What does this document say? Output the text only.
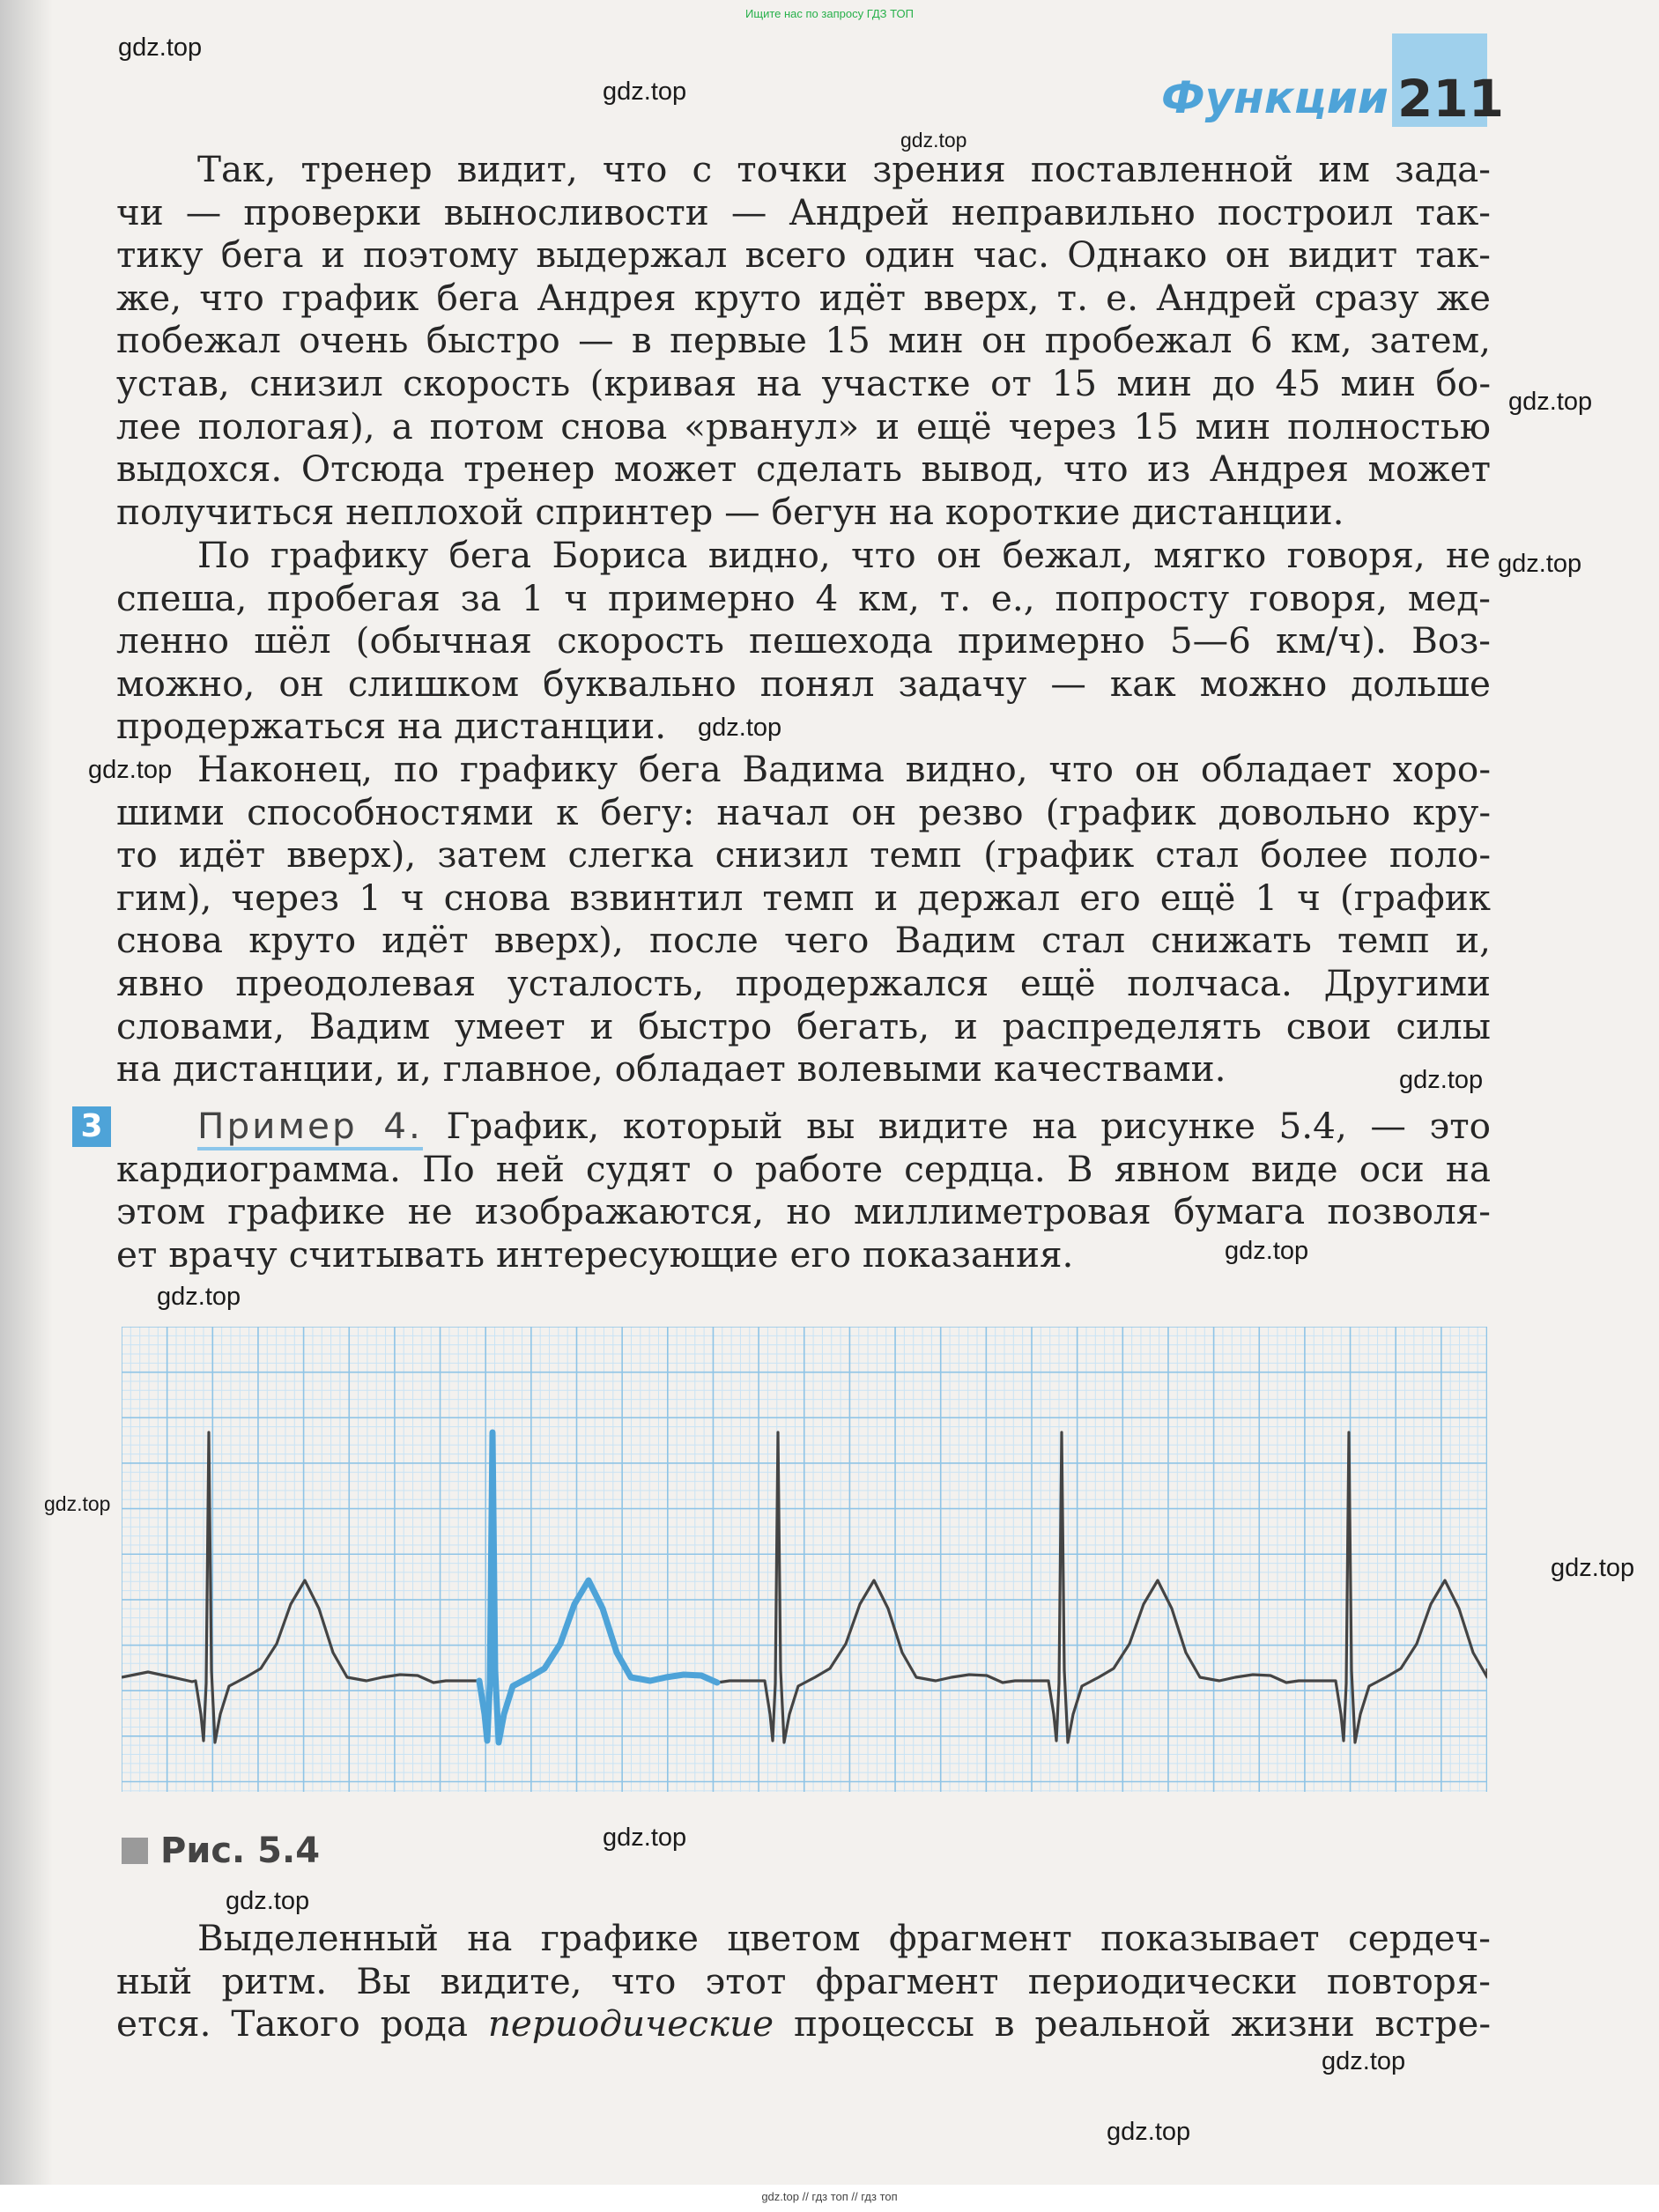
Ищите нас по запросу ГДЗ ТОП
Функции 211
gdz.top
gdz.top
gdz.top
gdz.top
gdz.top
gdz.top
gdz.top
gdz.top
gdz.top
gdz.top
gdz.top
gdz.top
gdz.top
gdz.top
gdz.top
gdz.top
Так, тренер видит, что с точки зрения поставленной им зада-
чи — проверки выносливости — Андрей неправильно построил так-
тику бега и поэтому выдержал всего один час. Однако он видит так-
же, что график бега Андрея круто идёт вверх, т. е. Андрей сразу же
побежал очень быстро — в первые 15 мин он пробежал 6 км, затем,
устав, снизил скорость (кривая на участке от 15 мин до 45 мин бо-
лее пологая), а потом снова «рванул» и ещё через 15 мин полностью
выдохся. Отсюда тренер может сделать вывод, что из Андрея может
получиться неплохой спринтер — бегун на короткие дистанции.
По графику бега Бориса видно, что он бежал, мягко говоря, не
спеша, пробегая за 1 ч примерно 4 км, т. е., попросту говоря, мед-
ленно шёл (обычная скорость пешехода примерно 5—6 км/ч). Воз-
можно, он слишком буквально понял задачу — как можно дольше
продержаться на дистанции.
Наконец, по графику бега Вадима видно, что он обладает хоро-
шими способностями к бегу: начал он резво (график довольно кру-
то идёт вверх), затем слегка снизил темп (график стал более поло-
гим), через 1 ч снова взвинтил темп и держал его ещё 1 ч (график
снова круто идёт вверх), после чего Вадим стал снижать темп и,
явно преодолевая усталость, продержался ещё полчаса. Другими
словами, Вадим умеет и быстро бегать, и распределять свои силы
на дистанции, и, главное, обладает волевыми качествами.
3	Пример 4. График, который вы видите на рисунке 5.4, — это
кардиограмма. По ней судят о работе сердца. В явном виде оси на
этом графике не изображаются, но миллиметровая бумага позволя-
ет врачу считывать интересующие его показания.
Рис. 5.4
Выделенный на графике цветом фрагмент показывает сердеч-
ный ритм. Вы видите, что этот фрагмент периодически повторя-
ется. Такого рода периодические процессы в реальной жизни встре-
gdz.top // гдз топ // гдз топ
